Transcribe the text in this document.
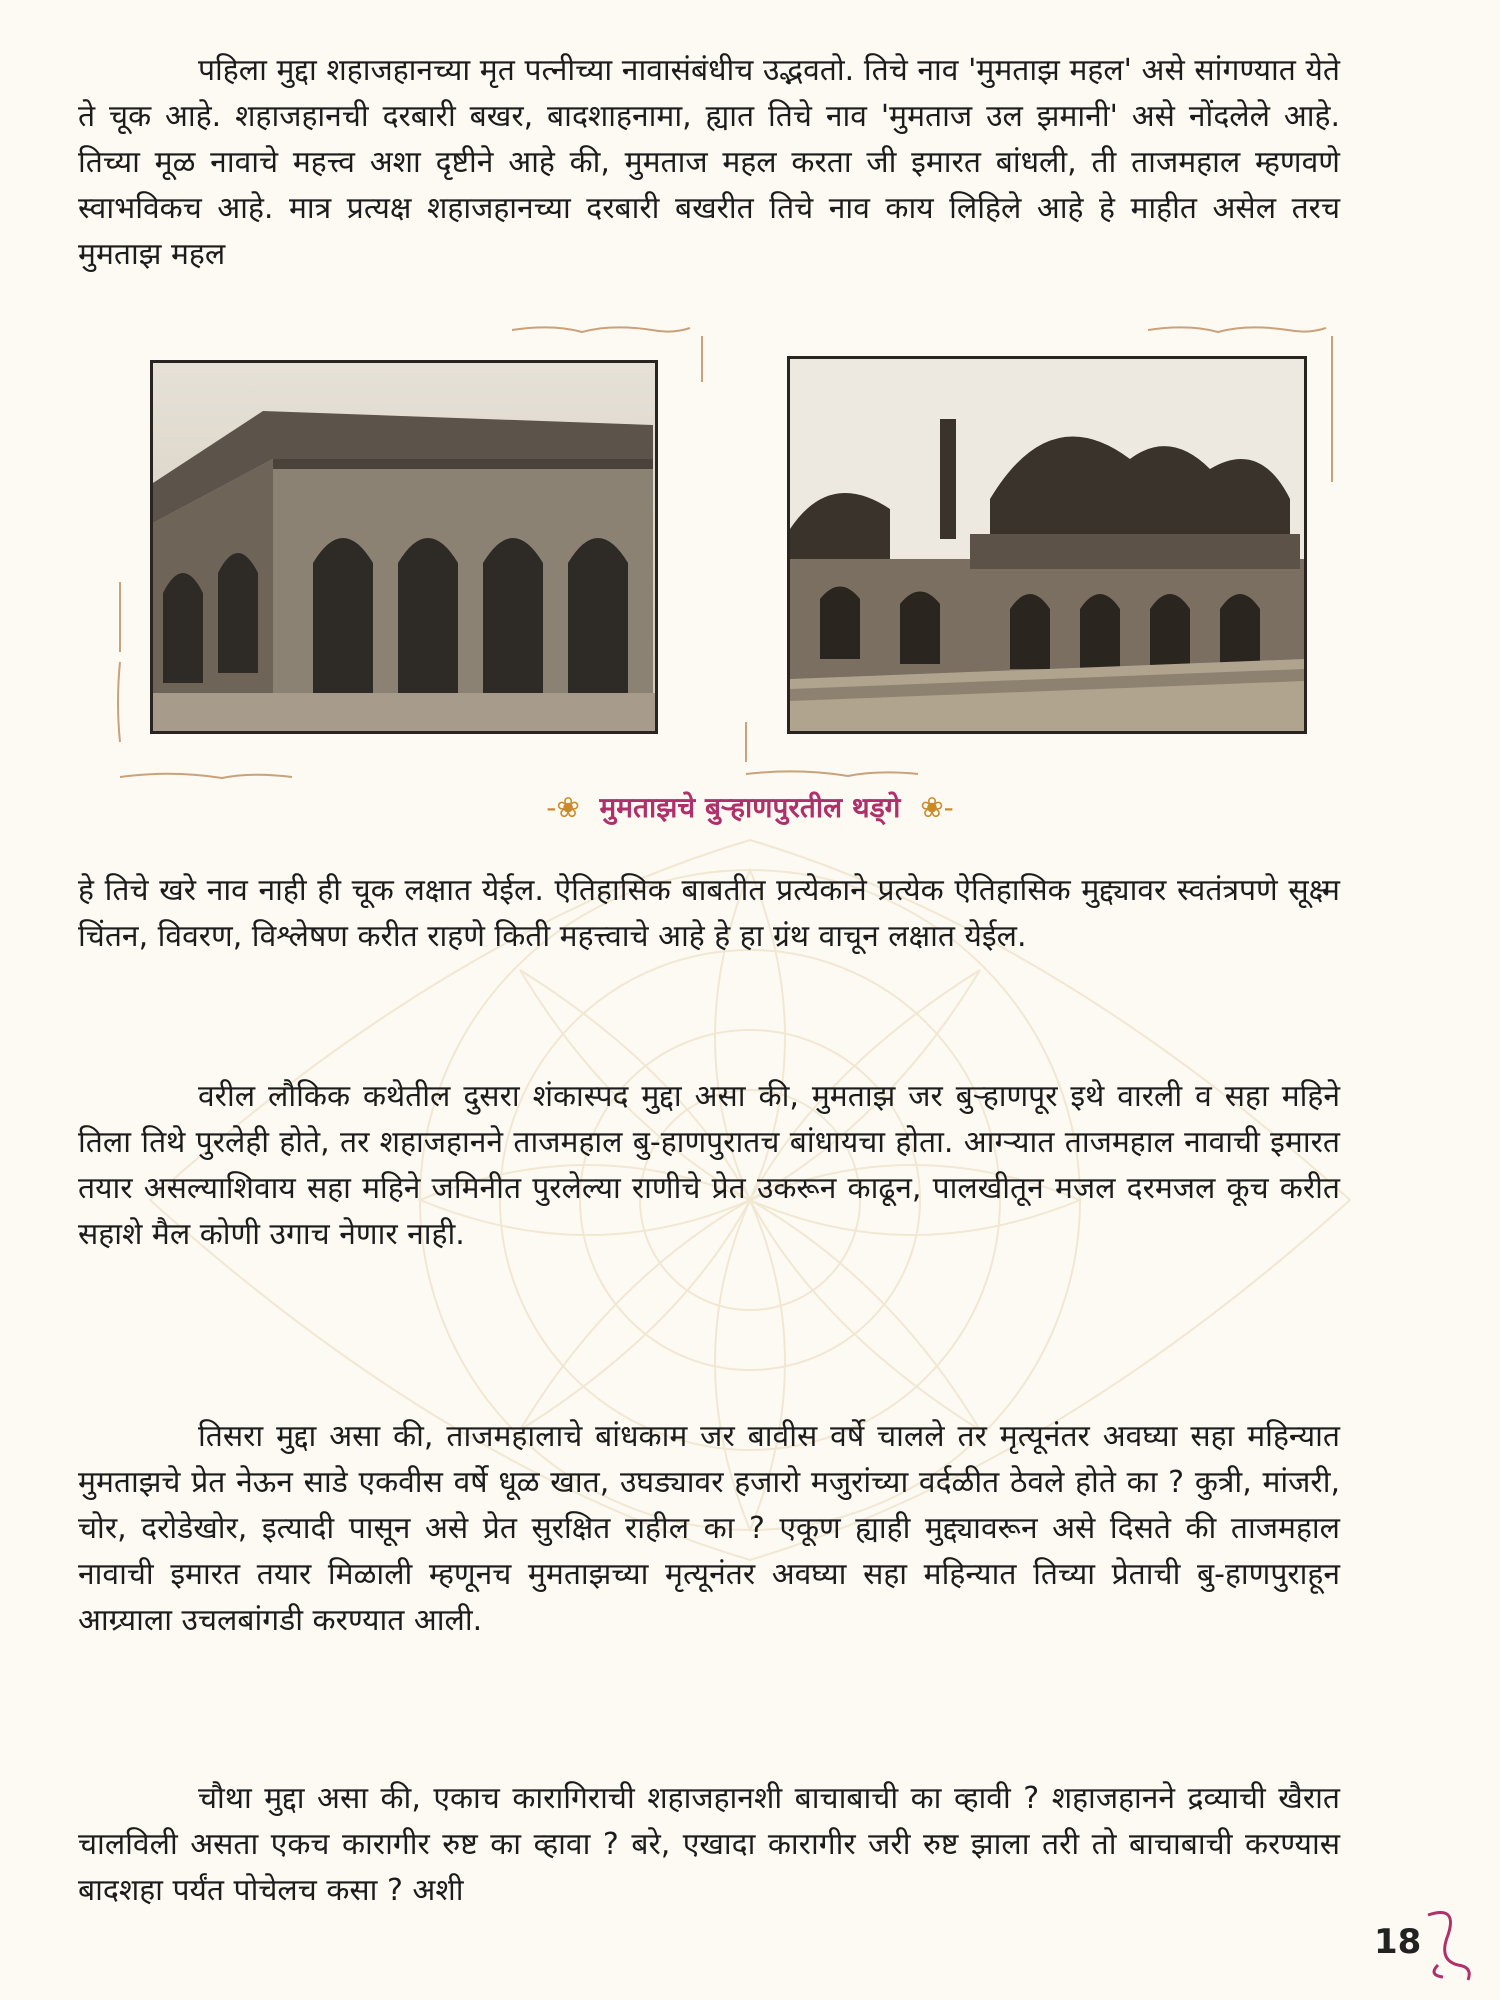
पहिला मुद्दा शहाजहानच्या मृत पत्नीच्या नावासंबंधीच उद्भवतो. तिचे नाव 'मुमताझ महल' असे सांगण्यात येते ते चूक आहे. शहाजहानची दरबारी बखर, बादशाहनामा, ह्यात तिचे नाव 'मुमताज उल झमानी' असे नोंदलेले आहे. तिच्या मूळ नावाचे महत्त्व अशा दृष्टीने आहे की, मुमताज महल करता जी इमारत बांधली, ती ताजमहाल म्हणवणे स्वाभविकच आहे. मात्र प्रत्यक्ष शहाजहानच्या दरबारी बखरीत तिचे नाव काय लिहिले आहे हे माहीत असेल तरच मुमताझ महल

-❀ मुमताझचे बुऱ्हाणपुरतील थड्गे ❀-

हे तिचे खरे नाव नाही ही चूक लक्षात येईल. ऐतिहासिक बाबतीत प्रत्येकाने प्रत्येक ऐतिहासिक मुद्द्यावर स्वतंत्रपणे सूक्ष्म चिंतन, विवरण, विश्लेषण करीत राहणे किती महत्त्वाचे आहे हे हा ग्रंथ वाचून लक्षात येईल.

वरील लौकिक कथेतील दुसरा शंकास्पद मुद्दा असा की, मुमताझ जर बुऱ्हाणपूर इथे वारली व सहा महिने तिला तिथे पुरलेही होते, तर शहाजहानने ताजमहाल बु-हाणपुरातच बांधायचा होता. आग्ऱ्यात ताजमहाल नावाची इमारत तयार असल्याशिवाय सहा महिने जमिनीत पुरलेल्या राणीचे प्रेत उकरून काढून, पालखीतून मजल दरमजल कूच करीत सहाशे मैल कोणी उगाच नेणार नाही.

तिसरा मुद्दा असा की, ताजमहालाचे बांधकाम जर बावीस वर्षे चालले तर मृत्यूनंतर अवघ्या सहा महिन्यात मुमताझचे प्रेत नेऊन साडे एकवीस वर्षे धूळ खात, उघड्यावर हजारो मजुरांच्या वर्दळीत ठेवले होते का ? कुत्री, मांजरी, चोर, दरोडेखोर, इत्यादी पासून असे प्रेत सुरक्षित राहील का ? एकूण ह्याही मुद्द्यावरून असे दिसते की ताजमहाल नावाची इमारत तयार मिळाली म्हणूनच मुमताझच्या मृत्यूनंतर अवघ्या सहा महिन्यात तिच्या प्रेताची बु-हाणपुराहून आग्र्याला उचलबांगडी करण्यात आली.

चौथा मुद्दा असा की, एकाच कारागिराची शहाजहानशी बाचाबाची का व्हावी ? शहाजहानने द्रव्याची खैरात चालविली असता एकच कारागीर रुष्ट का व्हावा ? बरे, एखादा कारागीर जरी रुष्ट झाला तरी तो बाचाबाची करण्यास बादशहा पर्यंत पोचेलच कसा ? अशी

18
